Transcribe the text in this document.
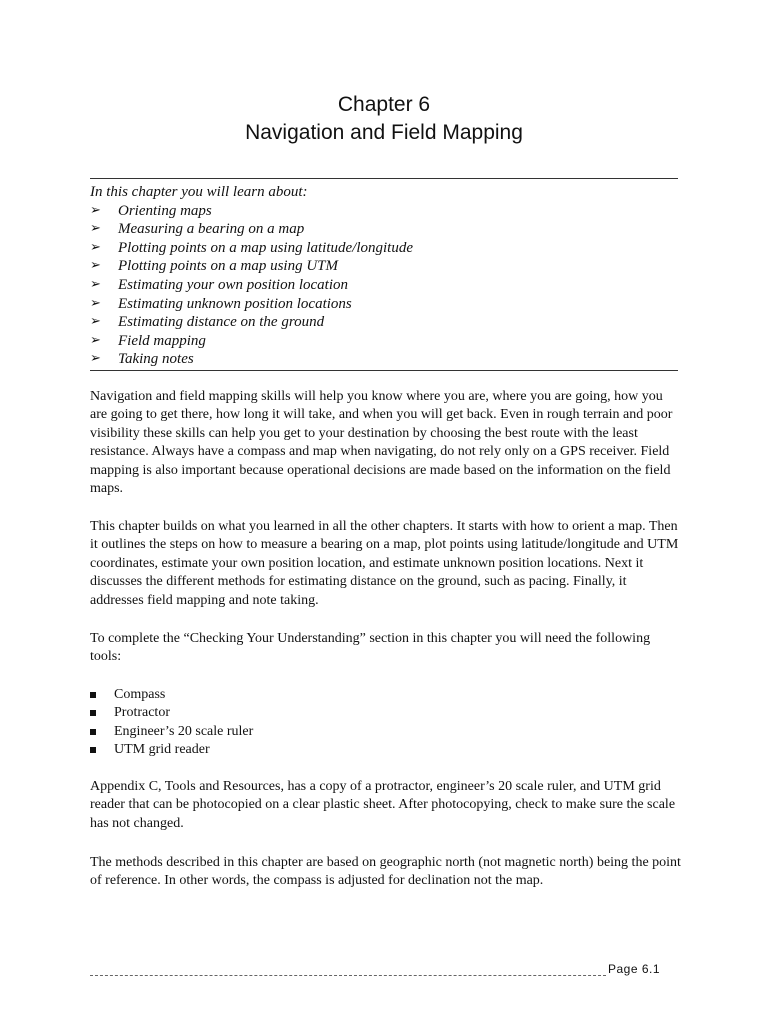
Chapter 6
Navigation and Field Mapping
In this chapter you will learn about:
➢ Orienting maps
➢ Measuring a bearing on a map
➢ Plotting points on a map using latitude/longitude
➢ Plotting points on a map using UTM
➢ Estimating your own position location
➢ Estimating unknown position locations
➢ Estimating distance on the ground
➢ Field mapping
➢ Taking notes

Navigation and field mapping skills will help you know where you are, where you are going, how you are going to get there, how long it will take, and when you will get back. Even in rough terrain and poor visibility these skills can help you get to your destination by choosing the best route with the least resistance. Always have a compass and map when navigating, do not rely only on a GPS receiver. Field mapping is also important because operational decisions are made based on the information on the field maps.

This chapter builds on what you learned in all the other chapters. It starts with how to orient a map. Then it outlines the steps on how to measure a bearing on a map, plot points using latitude/longitude and UTM coordinates, estimate your own position location, and estimate unknown position locations. Next it discusses the different methods for estimating distance on the ground, such as pacing. Finally, it addresses field mapping and note taking.

To complete the “Checking Your Understanding” section in this chapter you will need the following tools:

Compass
Protractor
Engineer’s 20 scale ruler
UTM grid reader

Appendix C, Tools and Resources, has a copy of a protractor, engineer’s 20 scale ruler, and UTM grid reader that can be photocopied on a clear plastic sheet. After photocopying, check to make sure the scale has not changed.

The methods described in this chapter are based on geographic north (not magnetic north) being the point of reference. In other words, the compass is adjusted for declination not the map.

Page 6.1
